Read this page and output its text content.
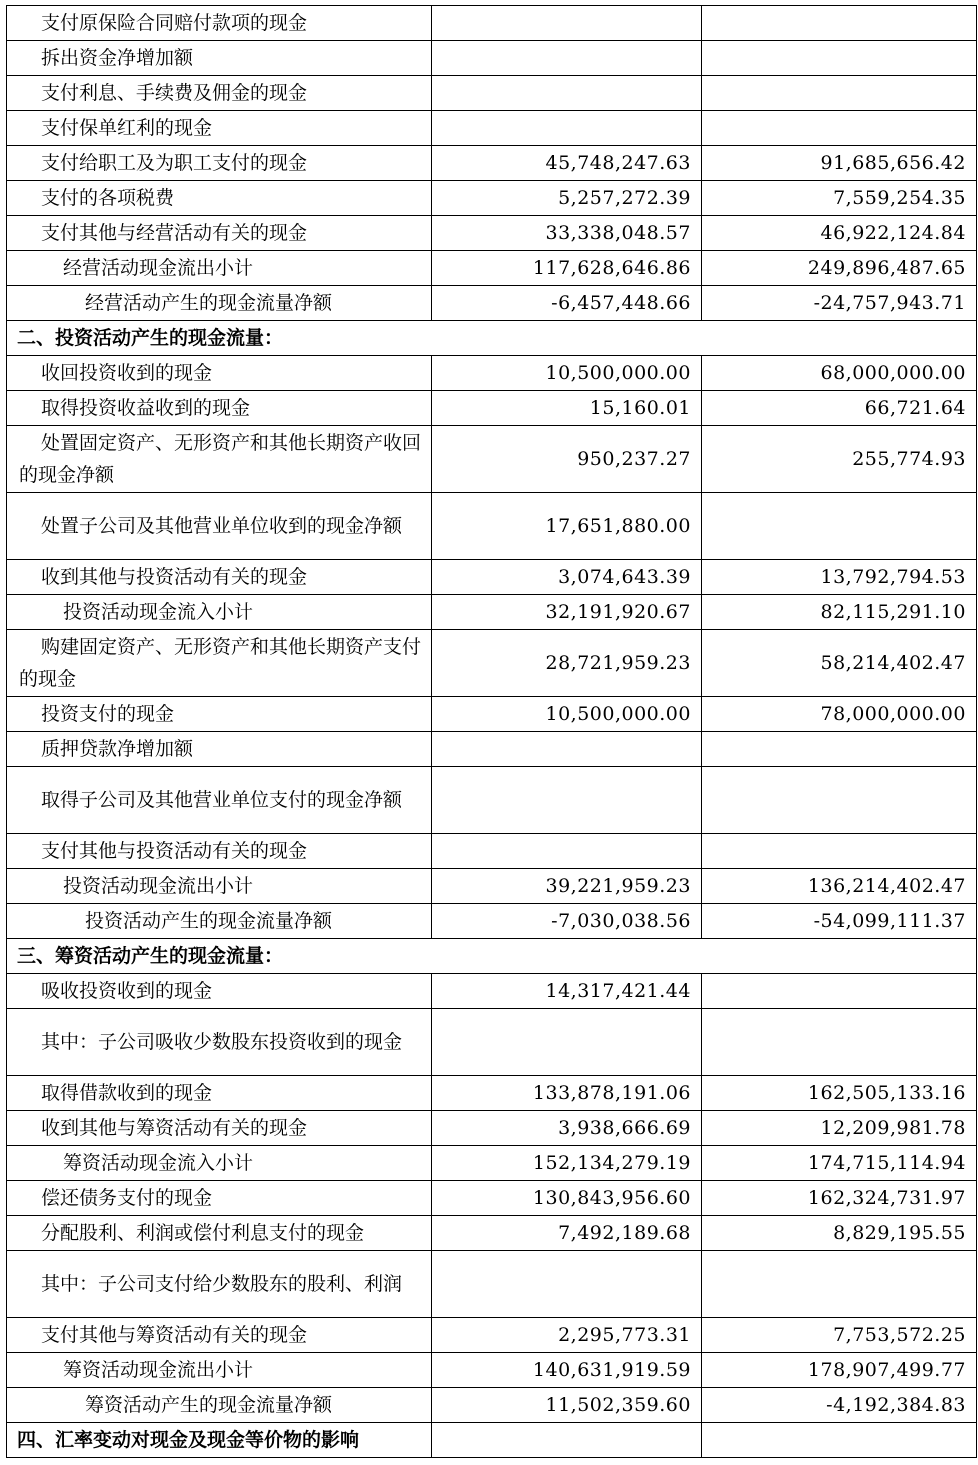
支付原保险合同赔付款项的现金		
拆出资金净增加额		
支付利息、手续费及佣金的现金		
支付保单红利的现金		
支付给职工及为职工支付的现金	45,748,247.63	91,685,656.42
支付的各项税费	5,257,272.39	7,559,254.35
支付其他与经营活动有关的现金	33,338,048.57	46,922,124.84
经营活动现金流出小计	117,628,646.86	249,896,487.65
经营活动产生的现金流量净额	-6,457,448.66	-24,757,943.71
二、投资活动产生的现金流量：		
收回投资收到的现金	10,500,000.00	68,000,000.00
取得投资收益收到的现金	15,160.01	66,721.64
处置固定资产、无形资产和其他长期资产收回的现金净额	950,237.27	255,774.93
处置子公司及其他营业单位收到的现金净额	17,651,880.00	
收到其他与投资活动有关的现金	3,074,643.39	13,792,794.53
投资活动现金流入小计	32,191,920.67	82,115,291.10
购建固定资产、无形资产和其他长期资产支付的现金	28,721,959.23	58,214,402.47
投资支付的现金	10,500,000.00	78,000,000.00
质押贷款净增加额		
取得子公司及其他营业单位支付的现金净额		
支付其他与投资活动有关的现金		
投资活动现金流出小计	39,221,959.23	136,214,402.47
投资活动产生的现金流量净额	-7,030,038.56	-54,099,111.37
三、筹资活动产生的现金流量：		
吸收投资收到的现金	14,317,421.44	
其中：子公司吸收少数股东投资收到的现金		
取得借款收到的现金	133,878,191.06	162,505,133.16
收到其他与筹资活动有关的现金	3,938,666.69	12,209,981.78
筹资活动现金流入小计	152,134,279.19	174,715,114.94
偿还债务支付的现金	130,843,956.60	162,324,731.97
分配股利、利润或偿付利息支付的现金	7,492,189.68	8,829,195.55
其中：子公司支付给少数股东的股利、利润		
支付其他与筹资活动有关的现金	2,295,773.31	7,753,572.25
筹资活动现金流出小计	140,631,919.59	178,907,499.77
筹资活动产生的现金流量净额	11,502,359.60	-4,192,384.83
四、汇率变动对现金及现金等价物的影响		
